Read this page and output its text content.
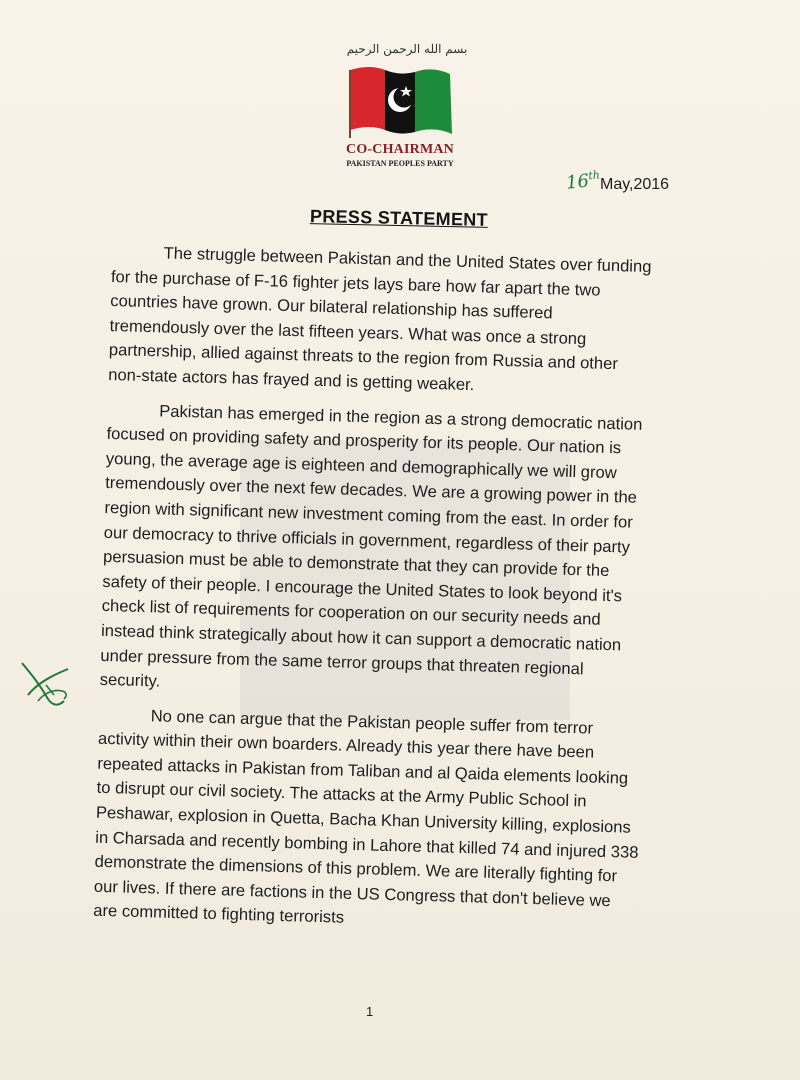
بسم الله الرحمن الرحيم
CO-CHAIRMAN
PAKISTAN PEOPLES PARTY
16th
May,2016
PRESS STATEMENT

The struggle between Pakistan and the United States over funding for the purchase of F-16 fighter jets lays bare how far apart the two countries have grown. Our bilateral relationship has suffered tremendously over the last fifteen years. What was once a strong partnership, allied against threats to the region from Russia and other non-state actors has frayed and is getting weaker.

Pakistan has emerged in the region as a strong democratic nation focused on providing safety and prosperity for its people. Our nation is young, the average age is eighteen and demographically we will grow tremendously over the next few decades. We are a growing power in the region with significant new investment coming from the east. In order for our democracy to thrive officials in government, regardless of their party persuasion must be able to demonstrate that they can provide for the safety of their people. I encourage the United States to look beyond it's check list of requirements for cooperation on our security needs and instead think strategically about how it can support a democratic nation under pressure from the same terror groups that threaten regional security.

No one can argue that the Pakistan people suffer from terror activity within their own boarders. Already this year there have been repeated attacks in Pakistan from Taliban and al Qaida elements looking to disrupt our civil society. The attacks at the Army Public School in Peshawar, explosion in Quetta, Bacha Khan University killing, explosions in Charsada and recently bombing in Lahore that killed 74 and injured 338 demonstrate the dimensions of this problem. We are literally fighting for our lives. If there are factions in the US Congress that don't believe we are committed to fighting terrorists

1
